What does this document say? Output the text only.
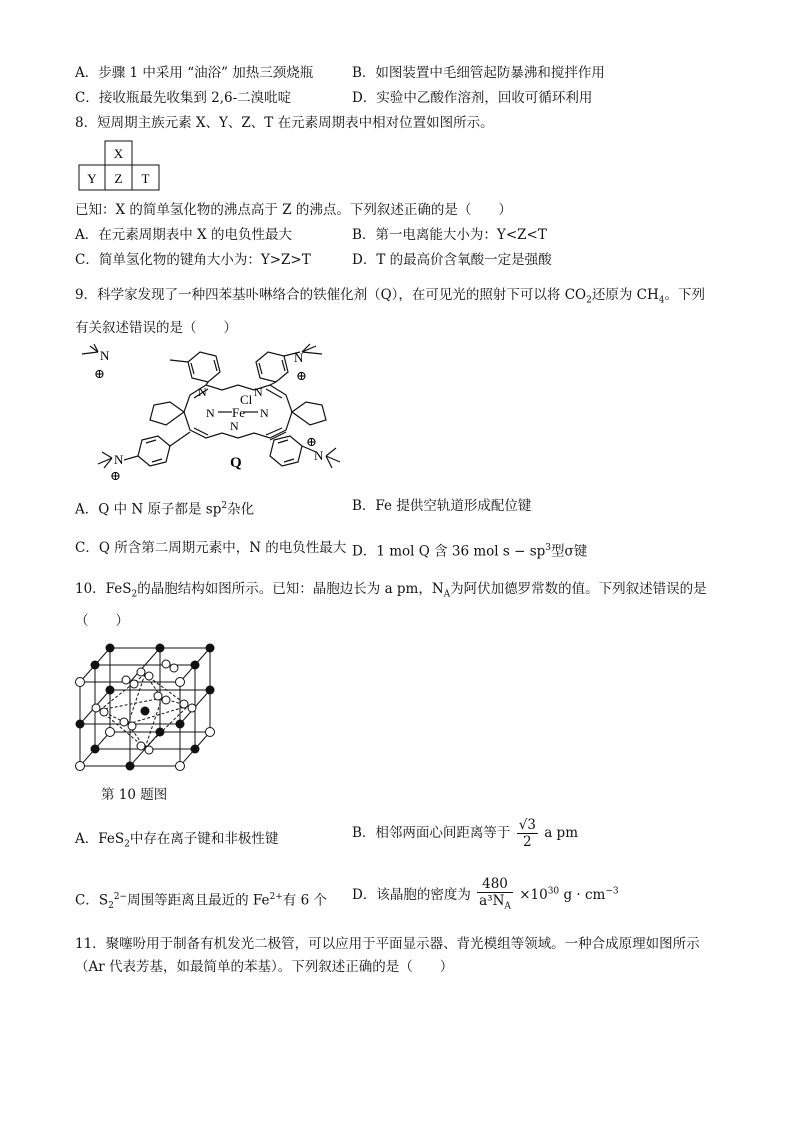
A．步骤 1 中采用 “油浴” 加热三颈烧瓶	B．如图装置中毛细管起防暴沸和搅拌作用
C．接收瓶最先收集到 2,6-二溴吡啶	D．实验中乙酸作溶剂，回收可循环利用
8．短周期主族元素 X、Y、Z、T 在元素周期表中相对位置如图所示。
X
Y Z T
已知：X 的简单氢化物的沸点高于 Z 的沸点。下列叙述正确的是（　　）
A．在元素周期表中 X 的电负性最大	B．第一电离能大小为：Y<Z<T
C．简单氢化物的键角大小为：Y>Z>T	D．T 的最高价含氧酸一定是强酸
9．科学家发现了一种四苯基卟啉络合的铁催化剂（Q），在可见光的照射下可以将 $CO_2$还原为 $CH_4$。下列
有关叙述错误的是（　　）
N
⊕
N
⊕
N
⊕
N
⊕
N	N
N	N
N
Fe
Cl
Q
A．Q 中 N 原子都是 $sp^2$杂化	B．Fe 提供空轨道形成配位键
C．Q 所含第二周期元素中，N 的电负性最大 D．1 mol Q 含 36 mol $s - sp^3$型σ键
10．FeS$_2$的晶胞结构如图所示。已知：晶胞边长为 a pm，$N_A$为阿伏加德罗常数的值。下列叙述错误的是
（　　）
第 10 题图
A．FeS$_2$中存在离子键和非极性键	B．相邻两面心间距离等于 $\frac{√3}{2}$ a pm
C．$S_2^{2-}$周围等距离且最近的 $Fe^{2+}$有 6 个 D．该晶胞的密度为 $\frac{480}{a^3N_A} \times 10^{30}$ $g \cdot cm^{-3}$
11．聚噻吩用于制备有机发光二极管，可以应用于平面显示器、背光模组等领域。一种合成原理如图所示
（Ar 代表芳基，如最简单的苯基）。下列叙述正确的是（　　）
